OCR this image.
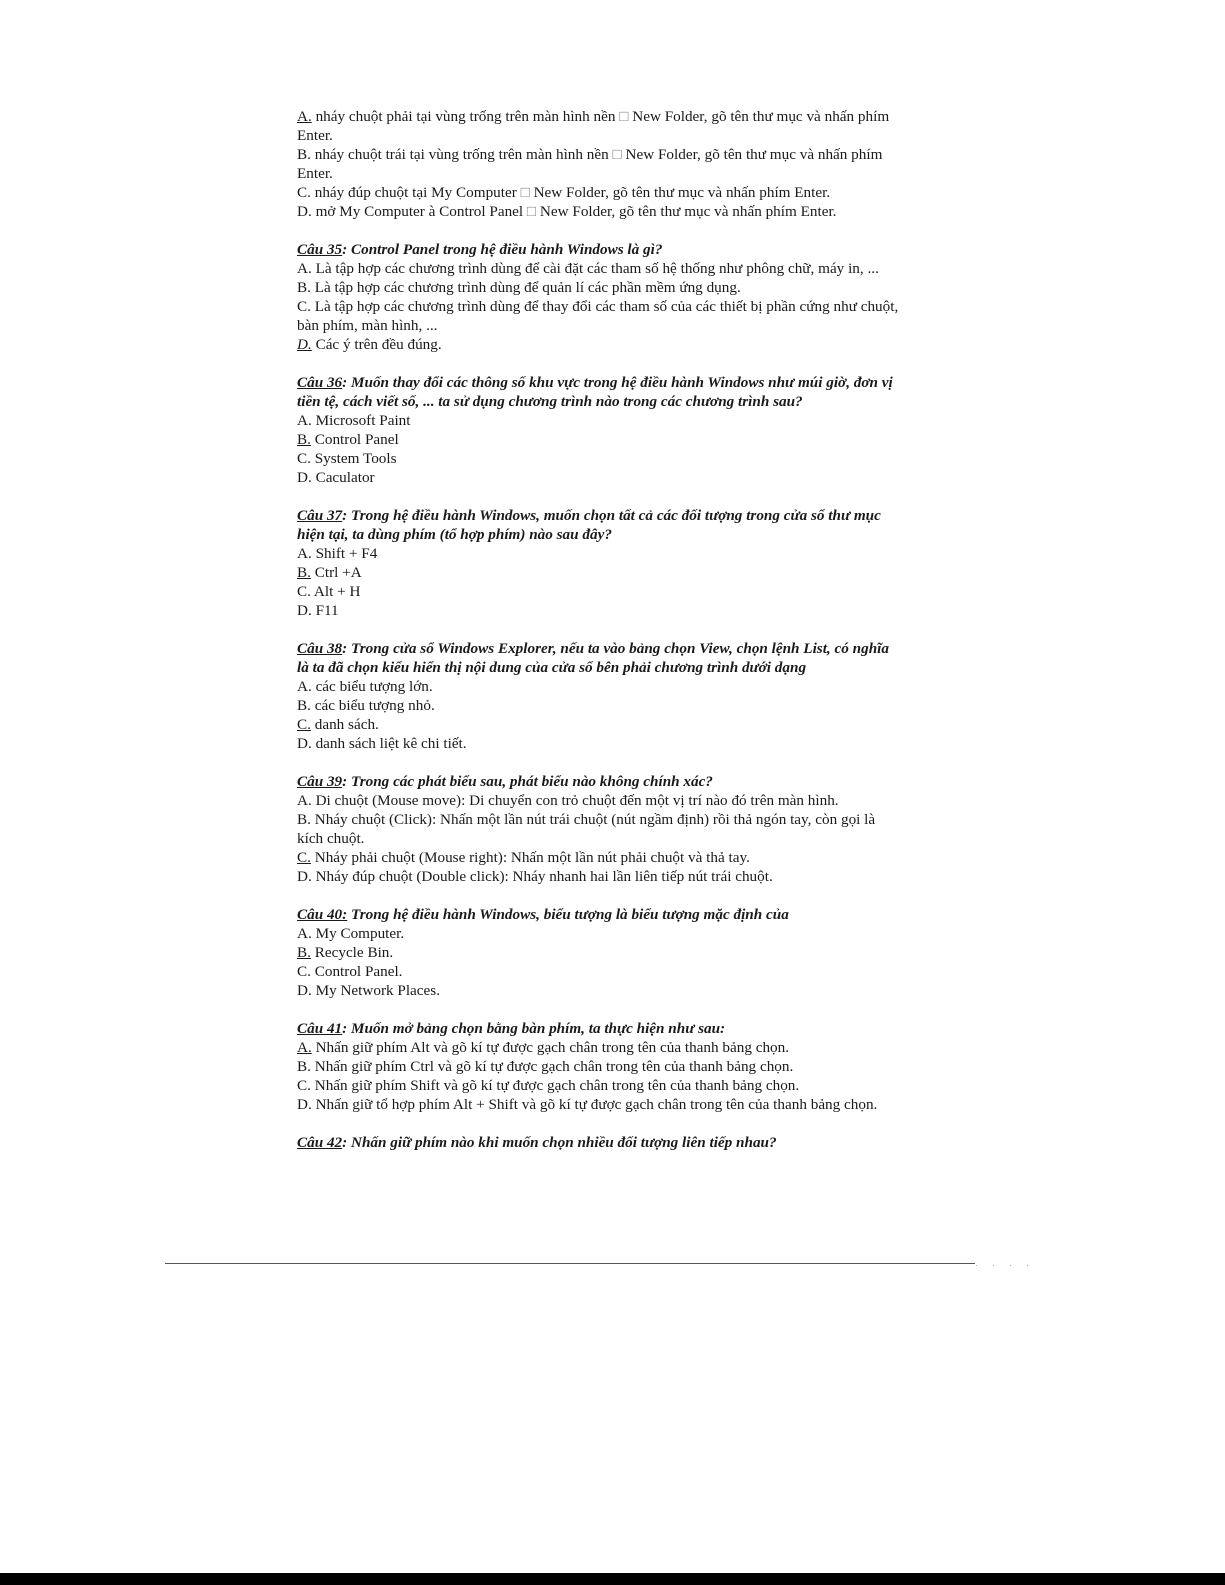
A. nháy chuột phải tại vùng trống trên màn hình nền □ New Folder, gõ tên thư mục và nhấn phím
Enter.
B. nháy chuột trái tại vùng trống trên màn hình nền □ New Folder, gõ tên thư mục và nhấn phím
Enter.
C. nháy đúp chuột tại My Computer □ New Folder, gõ tên thư mục và nhấn phím Enter.
D. mở My Computer à Control Panel □ New Folder, gõ tên thư mục và nhấn phím Enter.
Câu 35: Control Panel trong hệ điều hành Windows là gì?
A. Là tập hợp các chương trình dùng để cài đặt các tham số hệ thống như phông chữ, máy in, ...
B. Là tập hợp các chương trình dùng để quản lí các phần mềm ứng dụng.
C. Là tập hợp các chương trình dùng để thay đổi các tham số của các thiết bị phần cứng như chuột,
bàn phím, màn hình, ...
D. Các ý trên đều đúng.
Câu 36: Muốn thay đổi các thông số khu vực trong hệ điều hành Windows như múi giờ, đơn vị
tiền tệ, cách viết số, ... ta sử dụng chương trình nào trong các chương trình sau?
A. Microsoft Paint
B. Control Panel
C. System Tools
D. Caculator
Câu 37: Trong hệ điều hành Windows, muốn chọn tất cả các đối tượng trong cửa sổ thư mục
hiện tại, ta dùng phím (tổ hợp phím) nào sau đây?
A. Shift + F4
B. Ctrl +A
C. Alt + H
D. F11
Câu 38: Trong cửa sổ Windows Explorer, nếu ta vào bảng chọn View, chọn lệnh List, có nghĩa
là ta đã chọn kiểu hiển thị nội dung của cửa sổ bên phải chương trình dưới dạng
A. các biểu tượng lớn.
B. các biểu tượng nhỏ.
C. danh sách.
D. danh sách liệt kê chi tiết.
Câu 39: Trong các phát biểu sau, phát biểu nào không chính xác?
A. Di chuột (Mouse move): Di chuyển con trỏ chuột đến một vị trí nào đó trên màn hình.
B. Nháy chuột (Click): Nhấn một lần nút trái chuột (nút ngầm định) rồi thả ngón tay, còn gọi là
kích chuột.
C. Nháy phải chuột (Mouse right): Nhấn một lần nút phải chuột và thả tay.
D. Nháy đúp chuột (Double click): Nháy nhanh hai lần liên tiếp nút trái chuột.
Câu 40: Trong hệ điều hành Windows, biểu tượng là biểu tượng mặc định của
A. My Computer.
B. Recycle Bin.
C. Control Panel.
D. My Network Places.
Câu 41: Muốn mở bảng chọn bằng bàn phím, ta thực hiện như sau:
A. Nhấn giữ phím Alt và gõ kí tự được gạch chân trong tên của thanh bảng chọn.
B. Nhấn giữ phím Ctrl và gõ kí tự được gạch chân trong tên của thanh bảng chọn.
C. Nhấn giữ phím Shift và gõ kí tự được gạch chân trong tên của thanh bảng chọn.
D. Nhấn giữ tổ hợp phím Alt + Shift và gõ kí tự được gạch chân trong tên của thanh bảng chọn.
Câu 42: Nhấn giữ phím nào khi muốn chọn nhiều đối tượng liên tiếp nhau?
. . . .
